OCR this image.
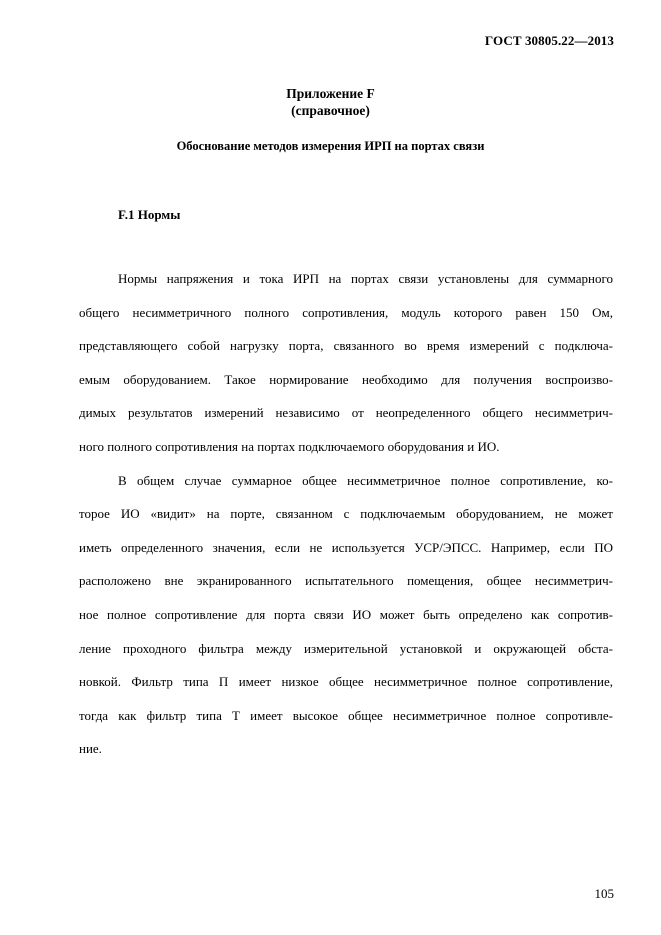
ГОСТ 30805.22—2013
Приложение F
(справочное)
Обоснование методов измерения ИРП на портах связи
F.1 Нормы
Нормы напряжения и тока ИРП на портах связи установлены для суммарного
общего несимметричного полного сопротивления, модуль которого равен 150 Ом,
представляющего собой нагрузку порта, связанного во время измерений с подключа-
емым оборудованием. Такое нормирование необходимо для получения воспроизво-
димых результатов измерений независимо от неопределенного общего несимметрич-
ного полного сопротивления на портах подключаемого оборудования и ИО.
В общем случае суммарное общее несимметричное полное сопротивление, ко-
торое ИО «видит» на порте, связанном с подключаемым оборудованием, не может
иметь определенного значения, если не используется УСР/ЭПСС. Например, если ПО
расположено вне экранированного испытательного помещения, общее несимметрич-
ное полное сопротивление для порта связи ИО может быть определено как сопротив-
ление проходного фильтра между измерительной установкой и окружающей обста-
новкой. Фильтр типа П имеет низкое общее несимметричное полное сопротивление,
тогда как фильтр типа Т имеет высокое общее несимметричное полное сопротивле-
ние.
105
